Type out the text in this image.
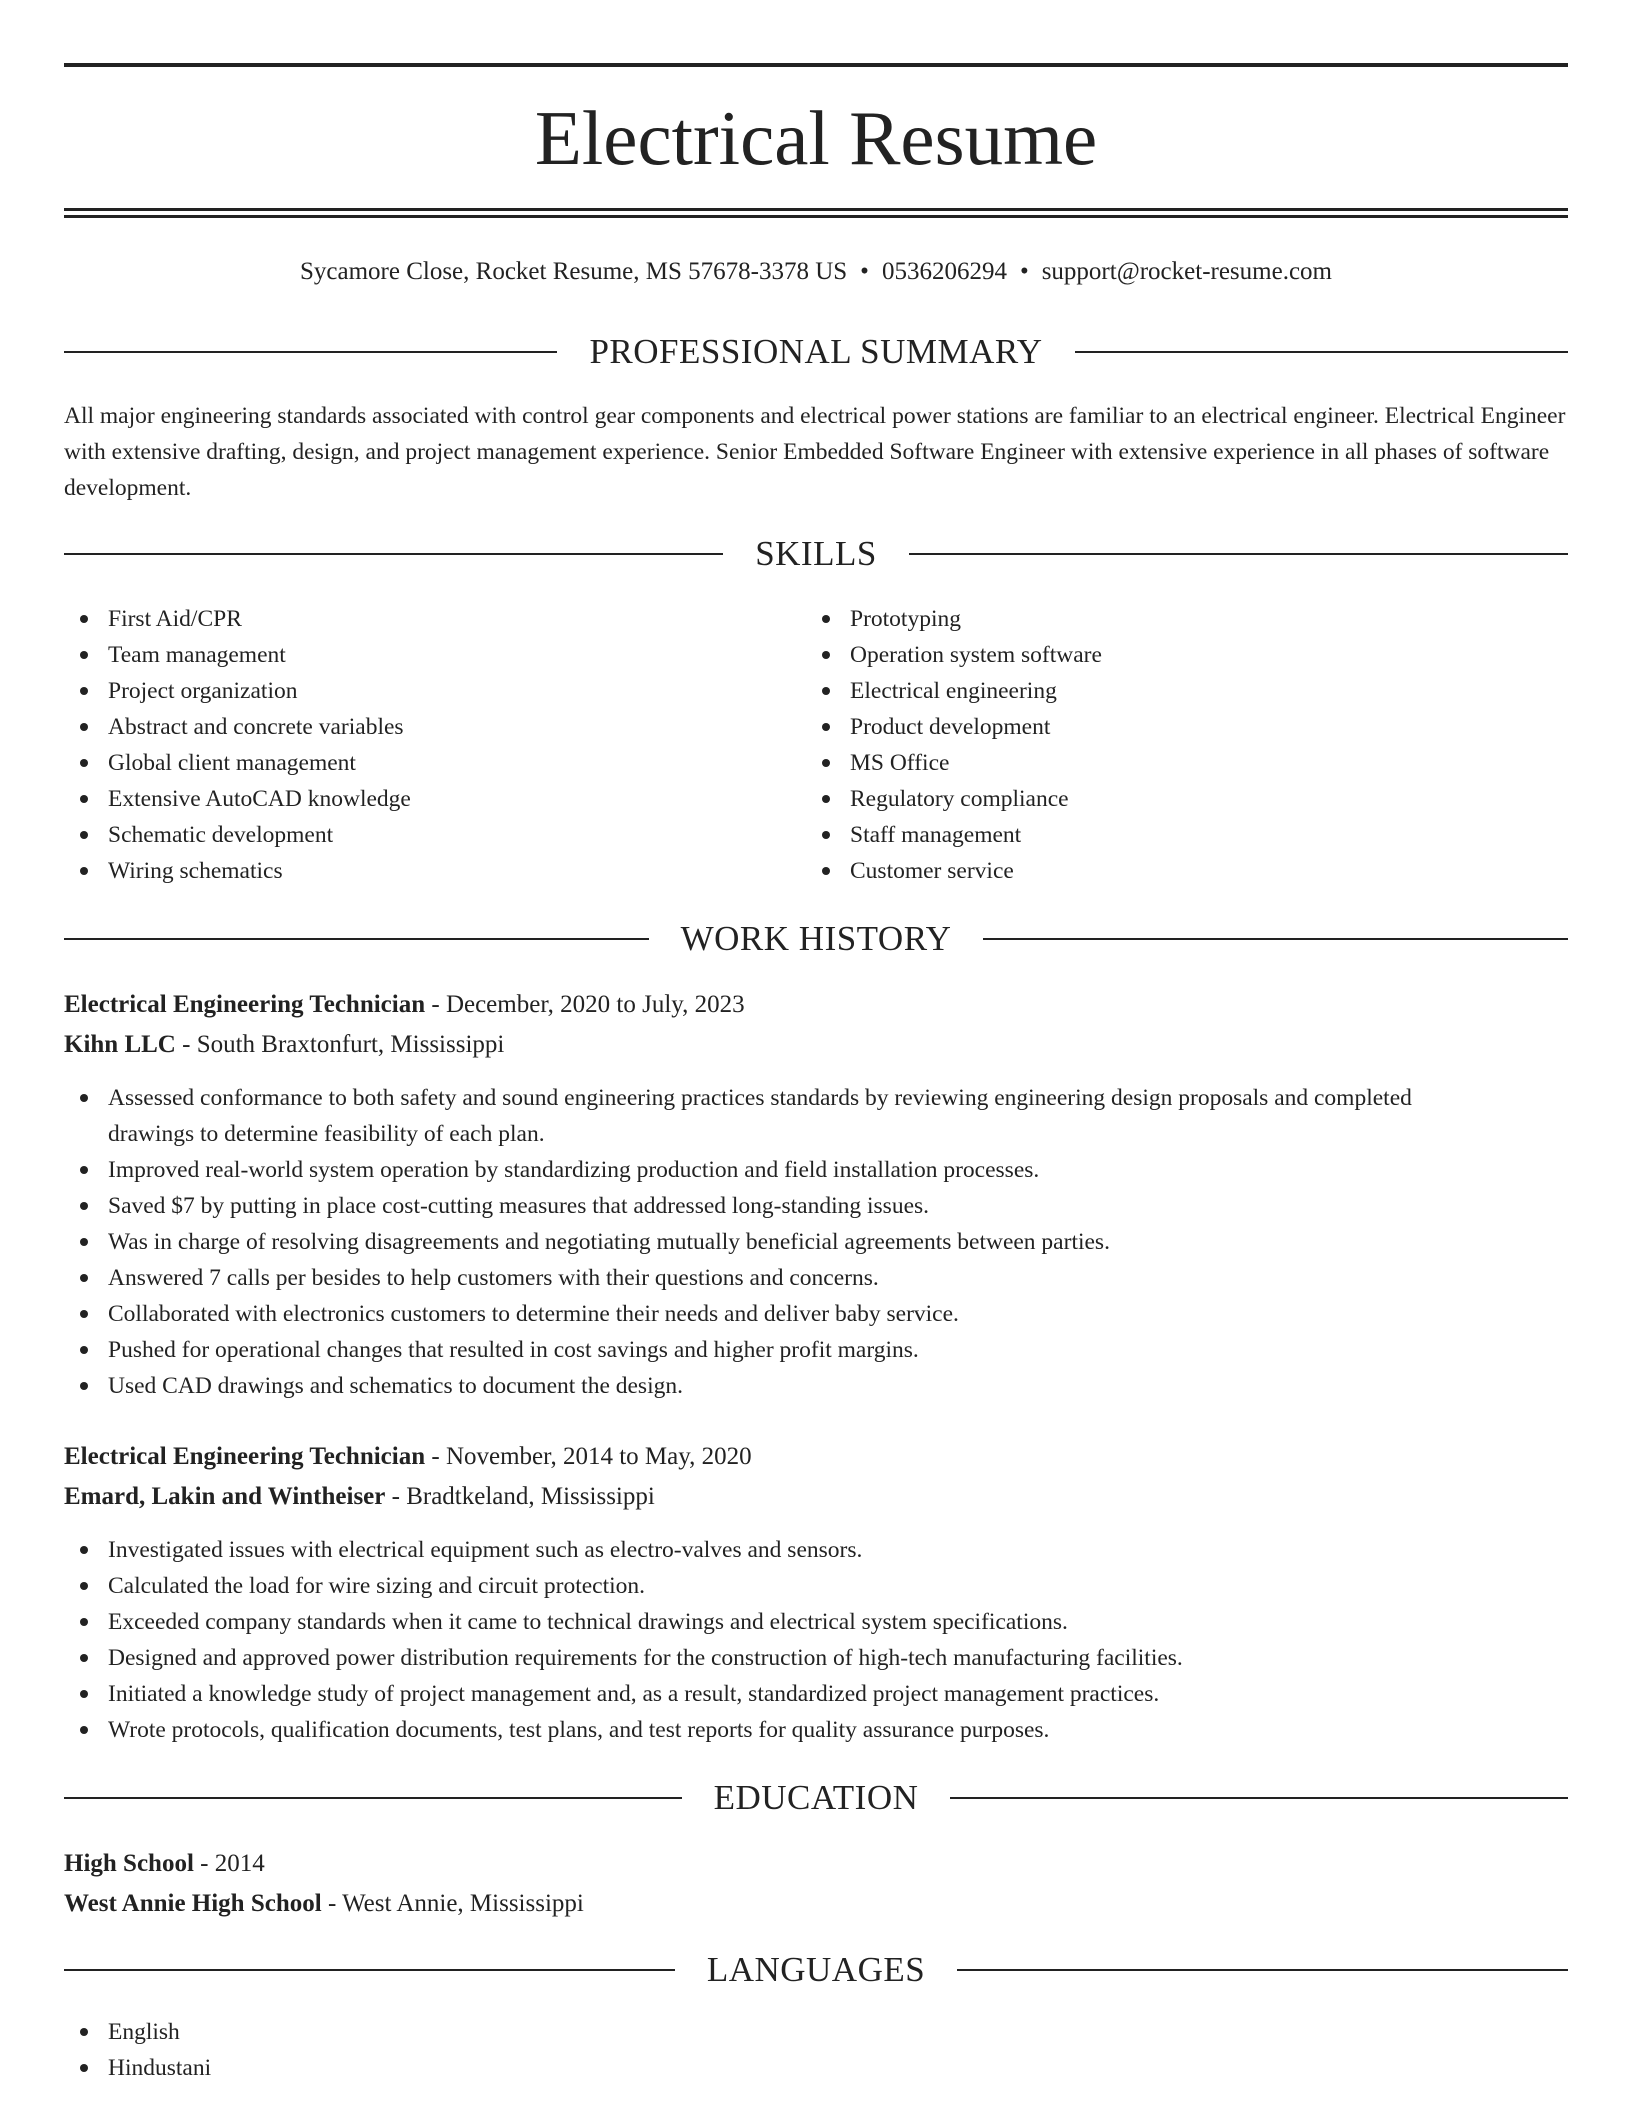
Electrical Resume
Sycamore Close, Rocket Resume, MS 57678-3378 US • 0536206294 • support@rocket-resume.com
PROFESSIONAL SUMMARY

All major engineering standards associated with control gear components and electrical power stations are familiar to an electrical engineer. Electrical Engineer with extensive drafting, design, and project management experience. Senior Embedded Software Engineer with extensive experience in all phases of software development.

SKILLS
First Aid/CPR
Team management
Project organization
Abstract and concrete variables
Global client management
Extensive AutoCAD knowledge
Schematic development
Wiring schematics
Prototyping
Operation system software
Electrical engineering
Product development
MS Office
Regulatory compliance
Staff management
Customer service
WORK HISTORY
Electrical Engineering Technician - December, 2020 to July, 2023
Kihn LLC - South Braxtonfurt, Mississippi
Assessed conformance to both safety and sound engineering practices standards by reviewing engineering design proposals and completed
drawings to determine feasibility of each plan.
Improved real-world system operation by standardizing production and field installation processes.
Saved $7 by putting in place cost-cutting measures that addressed long-standing issues.
Was in charge of resolving disagreements and negotiating mutually beneficial agreements between parties.
Answered 7 calls per besides to help customers with their questions and concerns.
Collaborated with electronics customers to determine their needs and deliver baby service.
Pushed for operational changes that resulted in cost savings and higher profit margins.
Used CAD drawings and schematics to document the design.
Electrical Engineering Technician - November, 2014 to May, 2020
Emard, Lakin and Wintheiser - Bradtkeland, Mississippi
Investigated issues with electrical equipment such as electro-valves and sensors.
Calculated the load for wire sizing and circuit protection.
Exceeded company standards when it came to technical drawings and electrical system specifications.
Designed and approved power distribution requirements for the construction of high-tech manufacturing facilities.
Initiated a knowledge study of project management and, as a result, standardized project management practices.
Wrote protocols, qualification documents, test plans, and test reports for quality assurance purposes.
EDUCATION
High School - 2014
West Annie High School - West Annie, Mississippi
LANGUAGES
English
Hindustani
